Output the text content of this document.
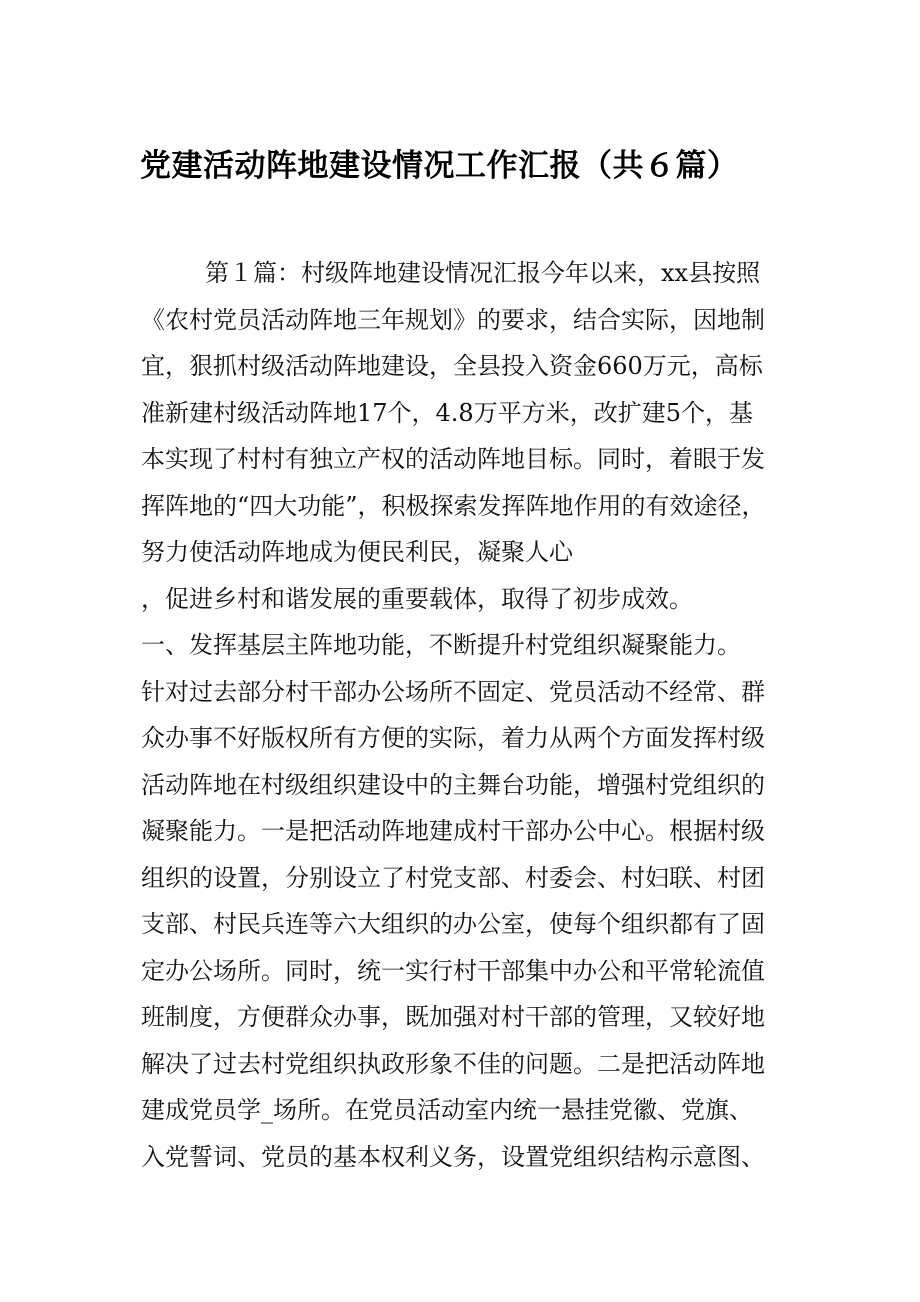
党建活动阵地建设情况工作汇报（共６篇）
第１篇：村级阵地建设情况汇报今年以来，xx县按照
《农村党员活动阵地三年规划》的要求，结合实际，因地制
宜，狠抓村级活动阵地建设，全县投入资金660万元，高标
准新建村级活动阵地17个，4.8万平方米，改扩建5个，基
本实现了村村有独立产权的活动阵地目标。同时，着眼于发
挥阵地的“四大功能”，积极探索发挥阵地作用的有效途径，
努力使活动阵地成为便民利民，凝聚人心
，促进乡村和谐发展的重要载体，取得了初步成效。
一、发挥基层主阵地功能，不断提升村党组织凝聚能力。
针对过去部分村干部办公场所不固定、党员活动不经常、群
众办事不好版权所有方便的实际，着力从两个方面发挥村级
活动阵地在村级组织建设中的主舞台功能，增强村党组织的
凝聚能力。一是把活动阵地建成村干部办公中心。根据村级
组织的设置，分别设立了村党支部、村委会、村妇联、村团
支部、村民兵连等六大组织的办公室，使每个组织都有了固
定办公场所。同时，统一实行村干部集中办公和平常轮流值
班制度，方便群众办事，既加强对村干部的管理，又较好地
解决了过去村党组织执政形象不佳的问题。二是把活动阵地
建成党员学_场所。在党员活动室内统一悬挂党徽、党旗、
入党誓词、党员的基本权利义务，设置党组织结构示意图、
